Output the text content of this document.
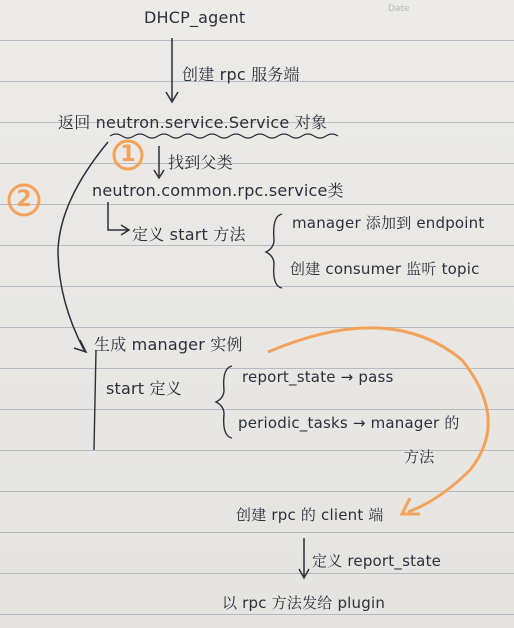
Date
1
2
DHCP_agent
创建 rpc 服务端
返回 neutron.service.Service 对象
找到父类
neutron.common.rpc.service类
定义 start 方法
manager 添加到 endpoint
创建 consumer 监听 topic
生成 manager 实例
start 定义
report_state → pass
periodic_tasks → manager 的
方法
创建 rpc 的 client 端
定义 report_state
以 rpc 方法发给 plugin
